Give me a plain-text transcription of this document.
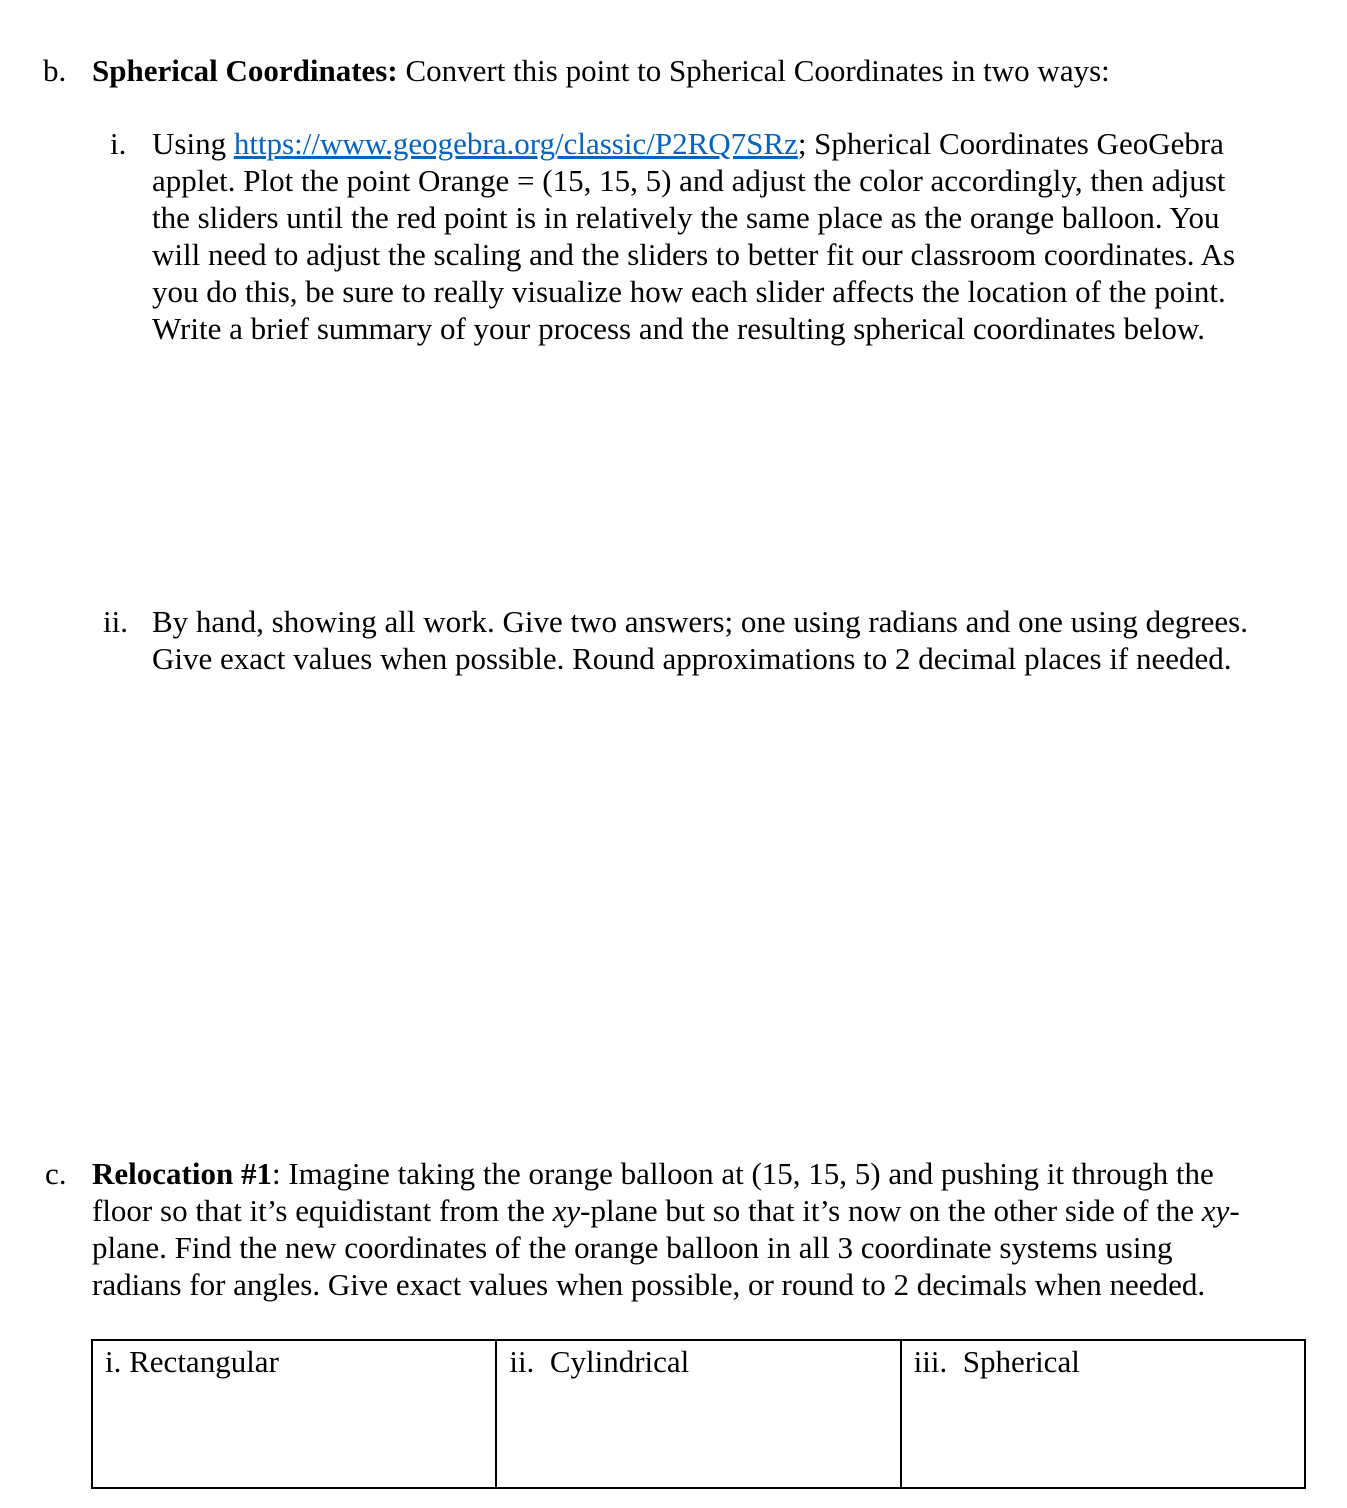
b. Spherical Coordinates: Convert this point to Spherical Coordinates in two ways:
i. Using https://www.geogebra.org/classic/P2RQ7SRz; Spherical Coordinates GeoGebra
applet. Plot the point Orange = (15, 15, 5) and adjust the color accordingly, then adjust
the sliders until the red point is in relatively the same place as the orange balloon. You
will need to adjust the scaling and the sliders to better fit our classroom coordinates. As
you do this, be sure to really visualize how each slider affects the location of the point.
Write a brief summary of your process and the resulting spherical coordinates below.
ii. By hand, showing all work. Give two answers; one using radians and one using degrees.
Give exact values when possible. Round approximations to 2 decimal places if needed.
c. Relocation #1: Imagine taking the orange balloon at (15, 15, 5) and pushing it through the
floor so that it’s equidistant from the xy-plane but so that it’s now on the other side of the xy-
plane. Find the new coordinates of the orange balloon in all 3 coordinate systems using
radians for angles. Give exact values when possible, or round to 2 decimals when needed.
i. Rectangular	ii. Cylindrical	iii. Spherical
